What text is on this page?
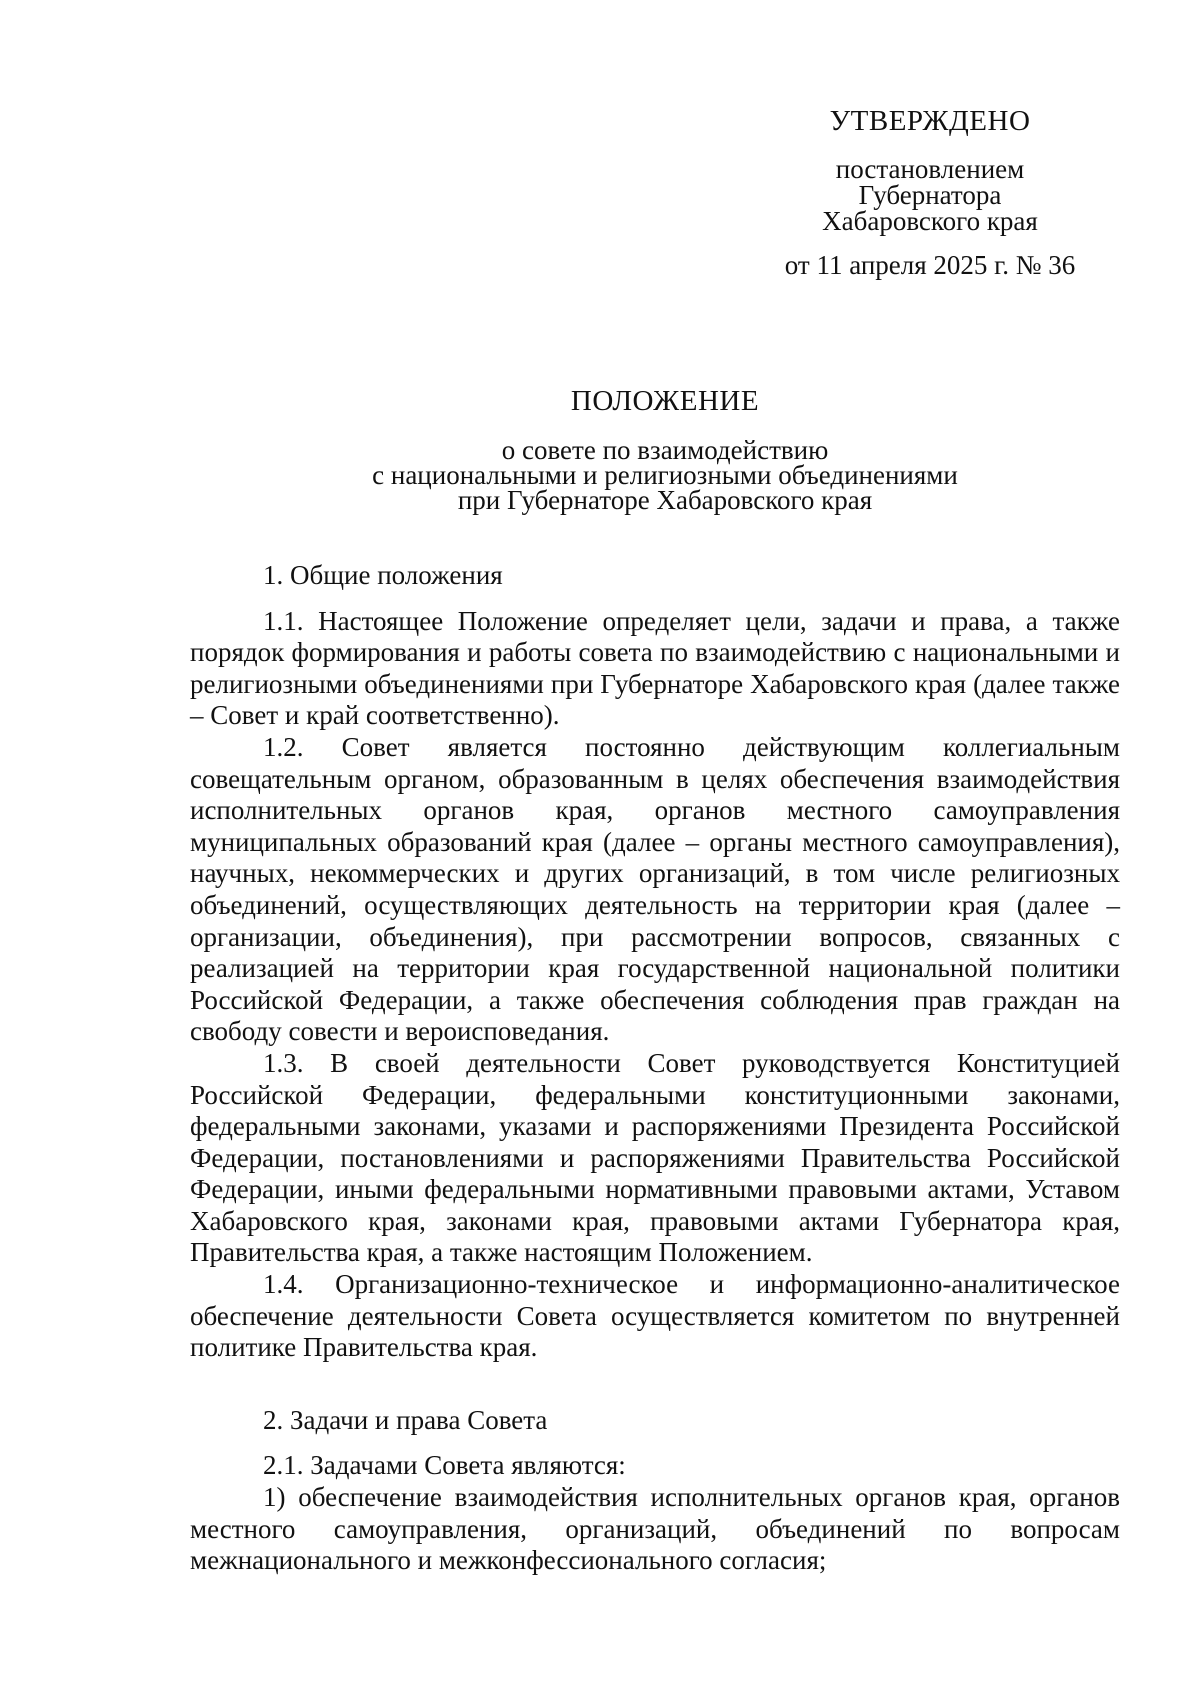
УТВЕРЖДЕНО

постановлением

Губернатора

Хабаровского края

от 11 апреля 2025 г. № 36

ПОЛОЖЕНИЕ

о совете по взаимодействию

с национальными и религиозными объединениями

при Губернаторе Хабаровского края

1. Общие положения

1.1. Настоящее Положение определяет цели, задачи и права, а также порядок формирования и работы совета по взаимодействию с национальными и религиозными объединениями при Губернаторе Хабаровского края (далее также – Совет и край соответственно).

1.2. Совет является постоянно действующим коллегиальным совещательным органом, образованным в целях обеспечения взаимодействия исполнительных органов края, органов местного самоуправления муниципальных образований края (далее – органы местного самоуправления), научных, некоммерческих и других организаций, в том числе религиозных объединений, осуществляющих деятельность на территории края (далее – организации, объединения), при рассмотрении вопросов, связанных с реализацией на территории края государственной национальной политики Российской Федерации, а также обеспечения соблюдения прав граждан на свободу совести и вероисповедания.

1.3. В своей деятельности Совет руководствуется Конституцией Российской Федерации, федеральными конституционными законами, федеральными законами, указами и распоряжениями Президента Российской Федерации, постановлениями и распоряжениями Правительства Российской Федерации, иными федеральными нормативными правовыми актами, Уставом Хабаровского края, законами края, правовыми актами Губернатора края, Правительства края, а также настоящим Положением.

1.4. Организационно-техническое и информационно-аналитическое обеспечение деятельности Совета осуществляется комитетом по внутренней политике Правительства края.

2. Задачи и права Совета

2.1. Задачами Совета являются:

1) обеспечение взаимодействия исполнительных органов края, органов местного самоуправления, организаций, объединений по вопросам межнационального и межконфессионального согласия;
